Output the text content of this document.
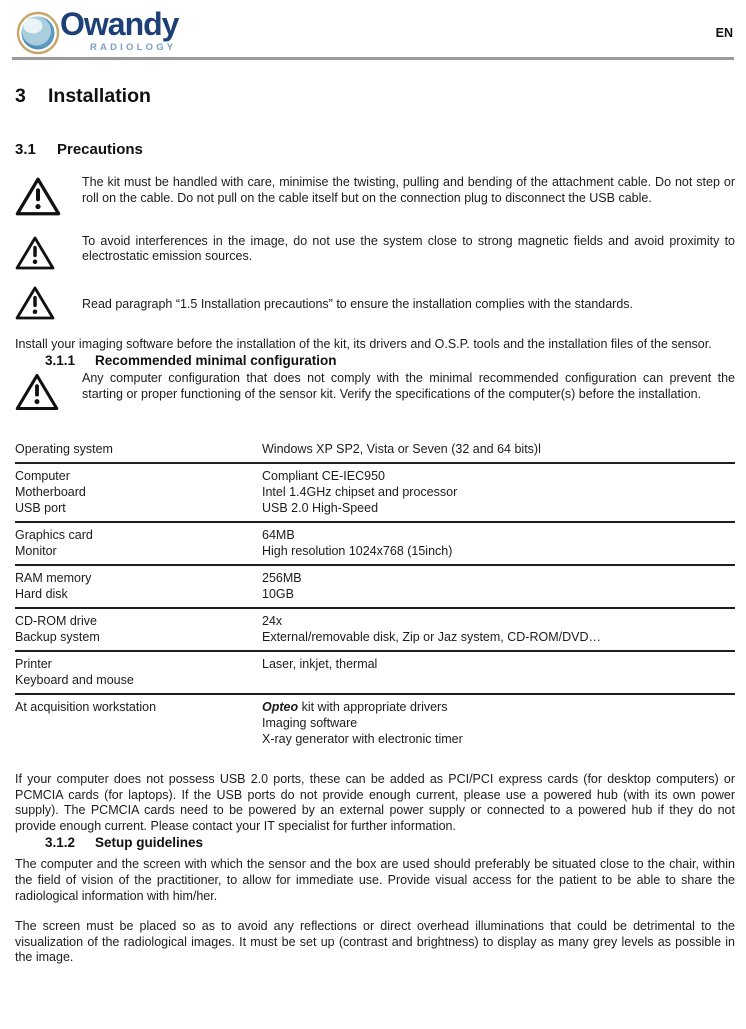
Owandy
RADIOLOGY
EN
3 Installation
3.1 Precautions
The kit must be handled with care, minimise the twisting, pulling and bending of the attachment cable. Do not step or roll on the cable. Do not pull on the cable itself but on the connection plug to disconnect the USB cable.
To avoid interferences in the image, do not use the system close to strong magnetic fields and avoid proximity to electrostatic emission sources.
Read paragraph “1.5 Installation precautions” to ensure the installation complies with the standards.

Install your imaging software before the installation of the kit, its drivers and O.S.P. tools and the installation files of the sensor.

3.1.1 Recommended minimal configuration
Any computer configuration that does not comply with the minimal recommended configuration can prevent the starting or proper functioning of the sensor kit. Verify the specifications of the computer(s) before the installation.
Operating system	Windows XP SP2, Vista or Seven (32 and 64 bits)l
Computer
Motherboard
USB port
Compliant CE-IEC950
Intel 1.4GHz chipset and processor
USB 2.0 High-Speed
Graphics card
Monitor
64MB
High resolution 1024x768 (15inch)
RAM memory
Hard disk
256MB
10GB
CD-ROM drive
Backup system
24x
External/removable disk, Zip or Jaz system, CD-ROM/DVD…
Printer
Keyboard and mouse
Laser, inkjet, thermal
At acquisition workstation	Opteo kit with appropriate drivers
Imaging software
X-ray generator with electronic timer

If your computer does not possess USB 2.0 ports, these can be added as PCI/PCI express cards (for desktop computers) or PCMCIA cards (for laptops). If the USB ports do not provide enough current, please use a powered hub (with its own power supply). The PCMCIA cards need to be powered by an external power supply or connected to a powered hub if they do not provide enough current. Please contact your IT specialist for further information.

3.1.2 Setup guidelines

The computer and the screen with which the sensor and the box are used should preferably be situated close to the chair, within the field of vision of the practitioner, to allow for immediate use. Provide visual access for the patient to be able to share the radiological information with him/her.

The screen must be placed so as to avoid any reflections or direct overhead illuminations that could be detrimental to the visualization of the radiological images. It must be set up (contrast and brightness) to display as many grey levels as possible in the image.
